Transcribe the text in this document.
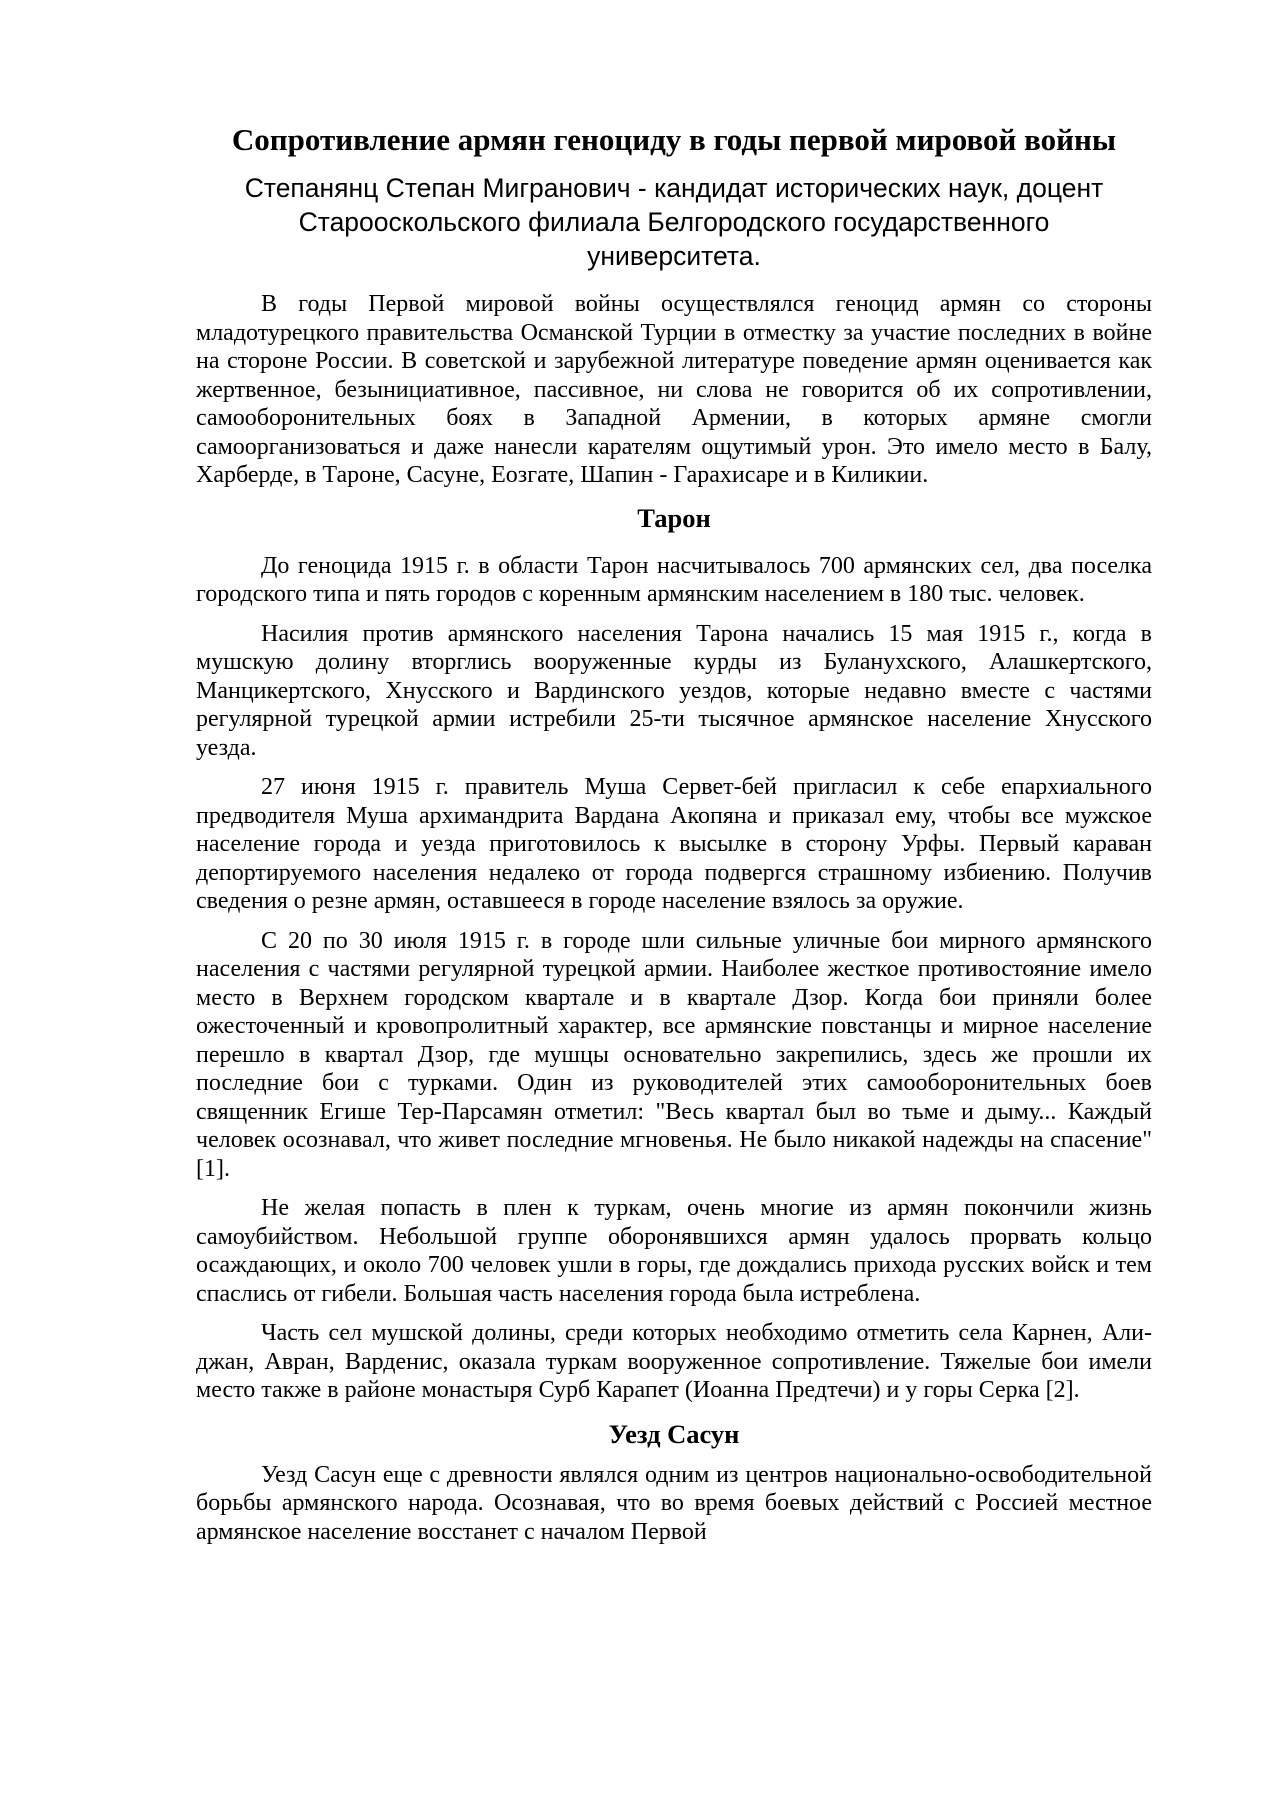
Сопротивление армян геноциду в годы первой мировой войны

Степанянц Степан Мигранович - кандидат исторических наук, доцент Старооскольского филиала Белгородского государственного университета.

В годы Первой мировой войны осуществлялся геноцид армян со стороны младотурецкого правительства Османской Турции в отместку за участие последних в войне на стороне России. В советской и зарубежной литературе поведение армян оценивается как жертвенное, безынициативное, пассивное, ни слова не говорится об их сопротивлении, самооборонительных боях в Западной Армении, в которых армяне смогли самоорганизоваться и даже нанесли карателям ощутимый урон. Это имело место в Балу, Харберде, в Тароне, Сасуне, Еозгате, Шапин - Гарахисаре и в Киликии.

Тарон

До геноцида 1915 г. в области Тарон насчитывалось 700 армянских сел, два поселка городского типа и пять городов с коренным армянским населением в 180 тыс. человек.

Насилия против армянского населения Тарона начались 15 мая 1915 г., когда в мушскую долину вторглись вооруженные курды из Буланухского, Алашкертского, Манцикертского, Хнусского и Вардинского уездов, которые недавно вместе с частями регулярной турецкой армии истребили 25-ти тысячное армянское население Хнусского уезда.

27 июня 1915 г. правитель Муша Сервет-бей пригласил к себе епархиального предводителя Муша архимандрита Вардана Акопяна и приказал ему, чтобы все мужское население города и уезда приготовилось к высылке в сторону Урфы. Первый караван депортируемого населения недалеко от города подвергся страшному избиению. Получив сведения о резне армян, оставшееся в городе население взялось за оружие.

С 20 по 30 июля 1915 г. в городе шли сильные уличные бои мирного армянского населения с частями регулярной турецкой армии. Наиболее жесткое противостояние имело место в Верхнем городском квартале и в квартале Дзор. Когда бои приняли более ожесточенный и кровопролитный характер, все армянские повстанцы и мирное население перешло в квартал Дзор, где мушцы основательно закрепились, здесь же прошли их последние бои с турками. Один из руководителей этих самооборонительных боев священник Егише Тер-Парсамян отметил: "Весь квартал был во тьме и дыму... Каждый человек осознавал, что живет последние мгновенья. Не было никакой надежды на спасение" [1].

Не желая попасть в плен к туркам, очень многие из армян покончили жизнь самоубийством. Небольшой группе оборонявшихся армян удалось прорвать кольцо осаждающих, и около 700 человек ушли в горы, где дождались прихода русских войск и тем спаслись от гибели. Большая часть населения города была истреблена.

Часть сел мушской долины, среди которых необходимо отметить села Карнен, Али-джан, Авран, Варденис, оказала туркам вооруженное сопротивление. Тяжелые бои имели место также в районе монастыря Сурб Карапет (Иоанна Предтечи) и у горы Серка [2].

Уезд Сасун

Уезд Сасун еще с древности являлся одним из центров национально-освободительной борьбы армянского народа. Осознавая, что во время боевых действий с Россией местное армянское население восстанет с началом Первой
